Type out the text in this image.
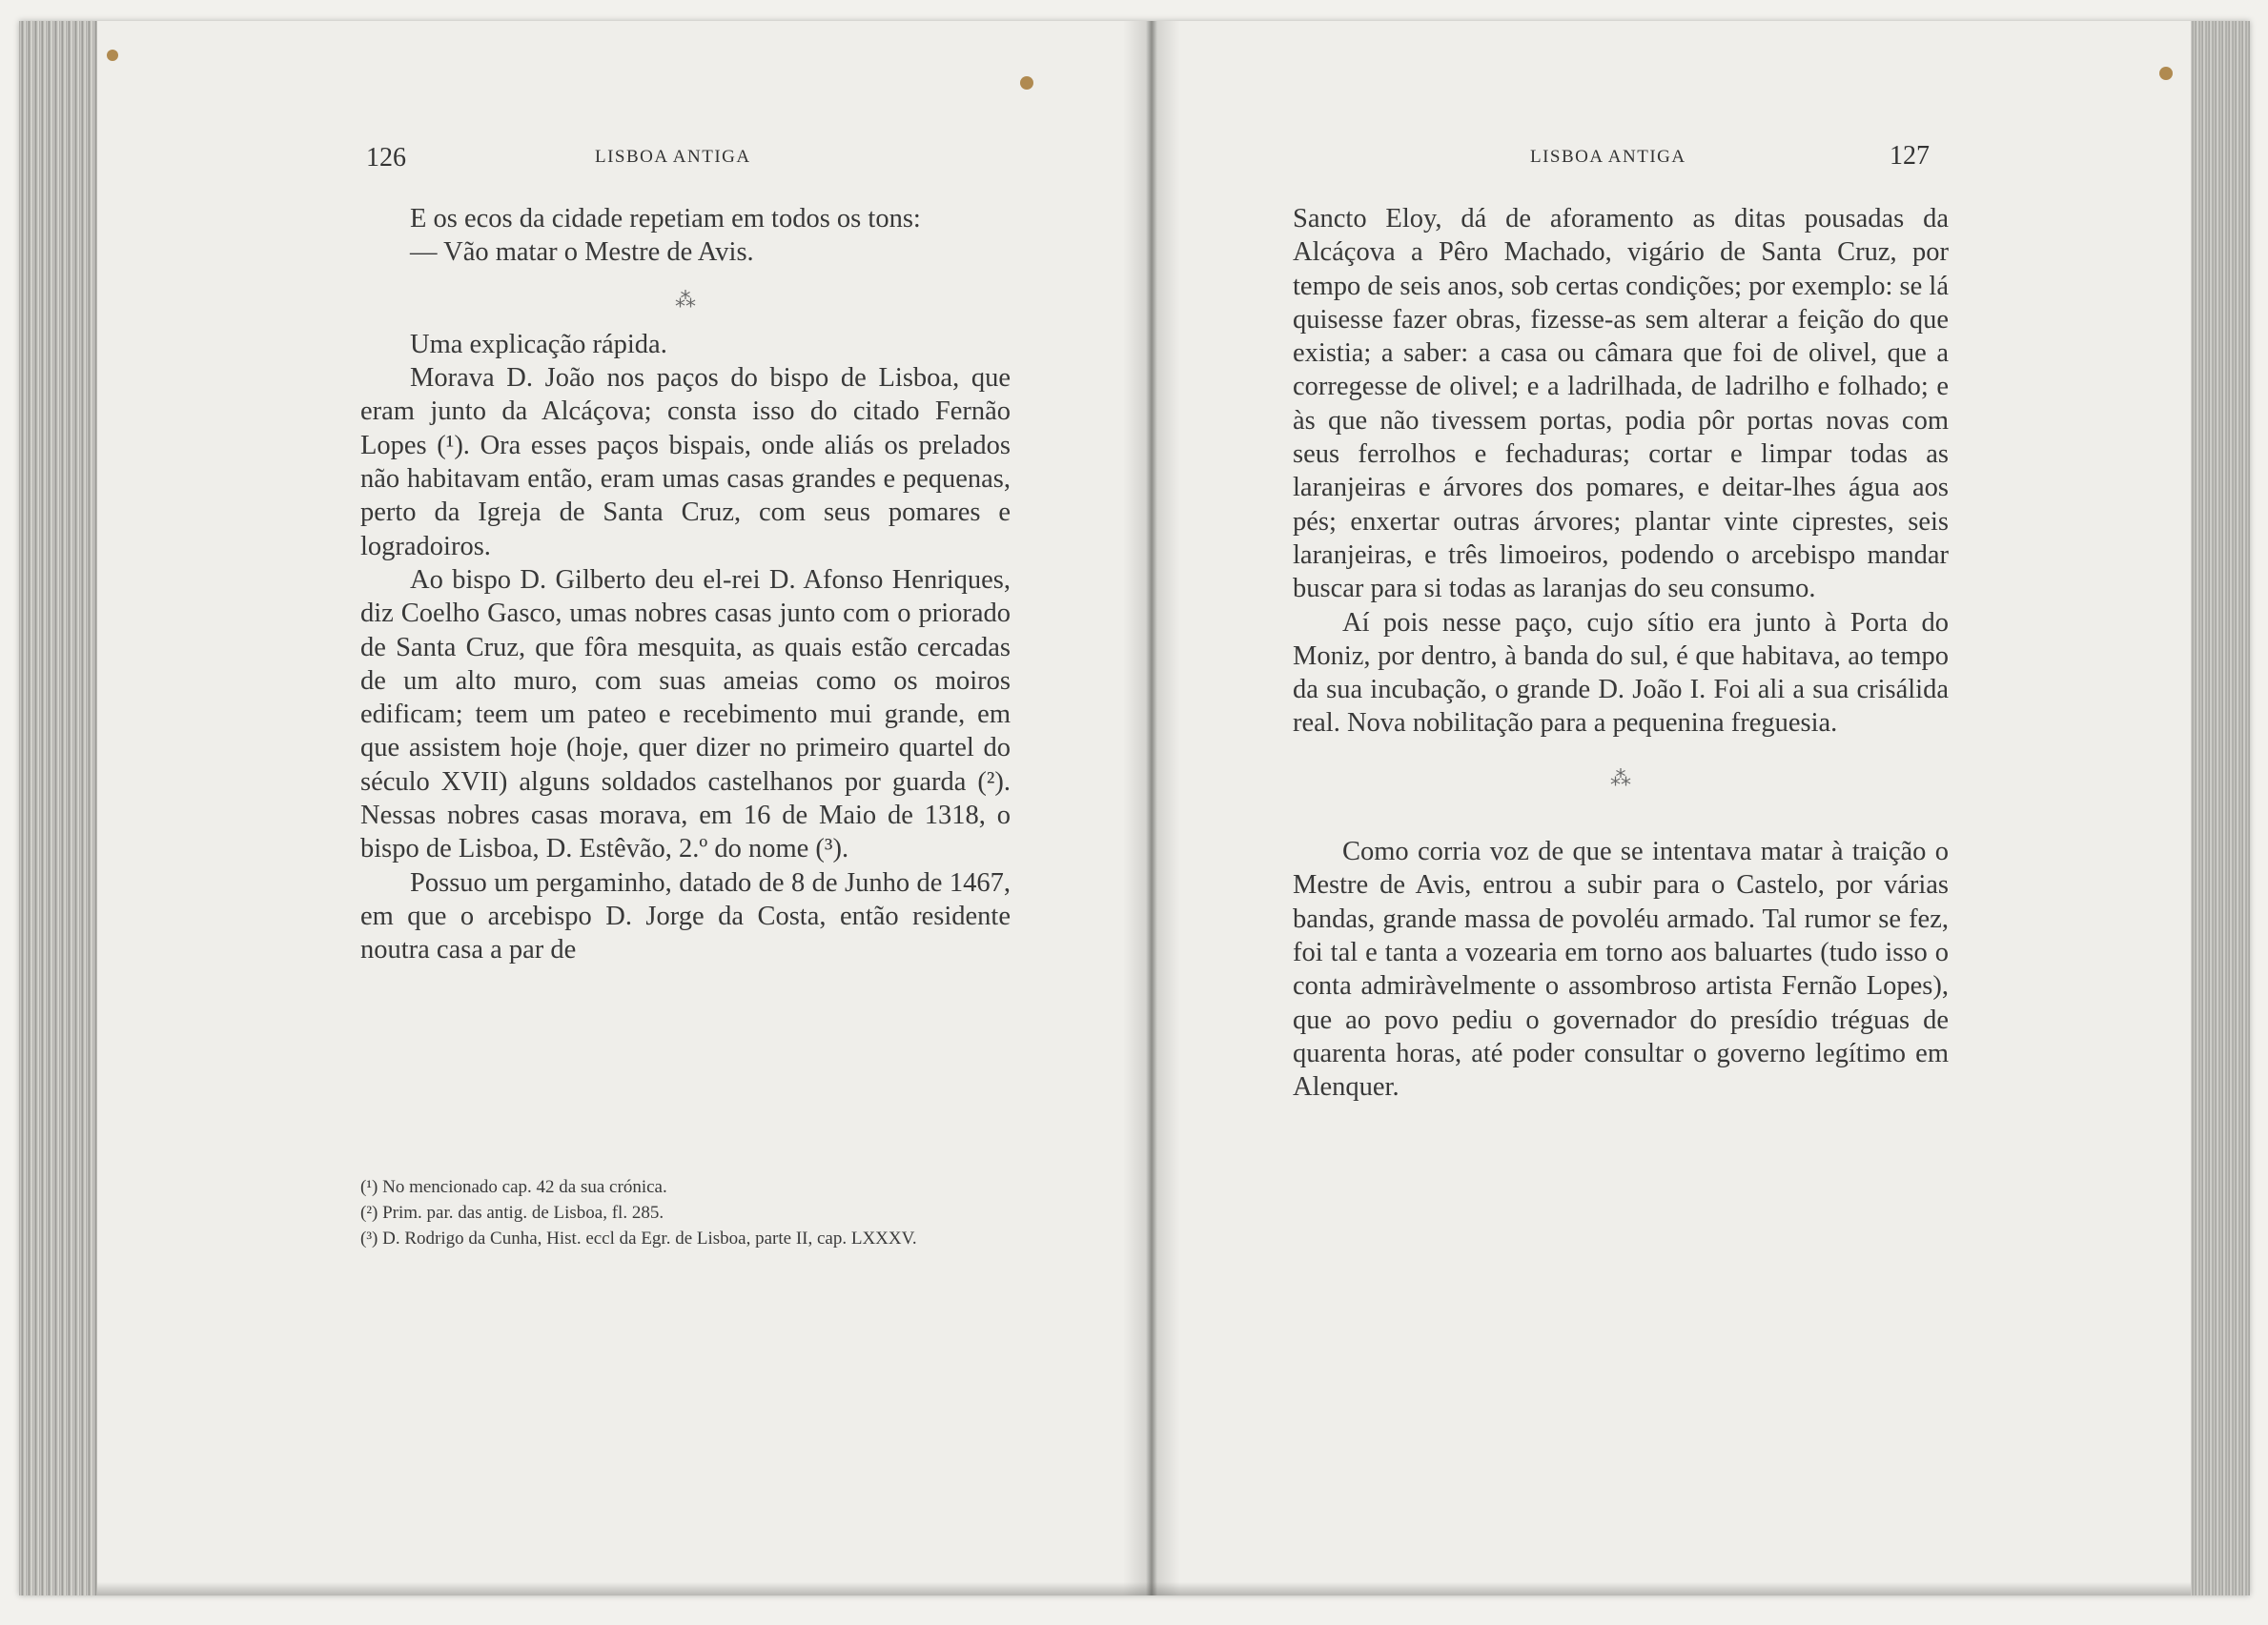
126	LISBOA ANTIGA

E os ecos da cidade repetiam em todos os tons:

— Vão matar o Mestre de Avis.

⁂

Uma explicação rápida.

Morava D. João nos paços do bispo de Lisboa, que eram junto da Alcáçova; consta isso do citado Fernão Lopes (¹). Ora esses paços bispais, onde aliás os prelados não habitavam então, eram umas casas grandes e pequenas, perto da Igreja de Santa Cruz, com seus pomares e logradoiros.

Ao bispo D. Gilberto deu el-rei D. Afonso Henriques, diz Coelho Gasco, umas nobres casas junto com o priorado de Santa Cruz, que fôra mesquita, as quais estão cercadas de um alto muro, com suas ameias como os moiros edificam; teem um pateo e recebimento mui grande, em que assistem hoje (hoje, quer dizer no primeiro quartel do século XVII) alguns soldados castelhanos por guarda (²). Nessas nobres casas morava, em 16 de Maio de 1318, o bispo de Lisboa, D. Estêvão, 2.º do nome (³).

Possuo um pergaminho, datado de 8 de Junho de 1467, em que o arcebispo D. Jorge da Costa, então residente noutra casa a par de

(¹) No mencionado cap. 42 da sua crónica.

(²) Prim. par. das antig. de Lisboa, fl. 285.

(³) D. Rodrigo da Cunha, Hist. eccl da Egr. de Lisboa, parte II, cap. LXXXV.

LISBOA ANTIGA	127

Sancto Eloy, dá de aforamento as ditas pousadas da Alcáçova a Pêro Machado, vigário de Santa Cruz, por tempo de seis anos, sob certas condições; por exemplo: se lá quisesse fazer obras, fizesse-as sem alterar a feição do que existia; a saber: a casa ou câmara que foi de olivel, que a corregesse de olivel; e a ladrilhada, de ladrilho e folhado; e às que não tivessem portas, podia pôr portas novas com seus ferrolhos e fechaduras; cortar e limpar todas as laranjeiras e árvores dos pomares, e deitar-lhes água aos pés; enxertar outras árvores; plantar vinte ciprestes, seis laranjeiras, e três limoeiros, podendo o arcebispo mandar buscar para si todas as laranjas do seu consumo.

Aí pois nesse paço, cujo sítio era junto à Porta do Moniz, por dentro, à banda do sul, é que habitava, ao tempo da sua incubação, o grande D. João I. Foi ali a sua crisálida real. Nova nobilitação para a pequenina freguesia.

⁂

Como corria voz de que se intentava matar à traição o Mestre de Avis, entrou a subir para o Castelo, por várias bandas, grande massa de povoléu armado. Tal rumor se fez, foi tal e tanta a vozearia em torno aos baluartes (tudo isso o conta admiràvelmente o assombroso artista Fernão Lopes), que ao povo pediu o governador do presídio tréguas de quarenta horas, até poder consultar o governo legítimo em Alenquer.
